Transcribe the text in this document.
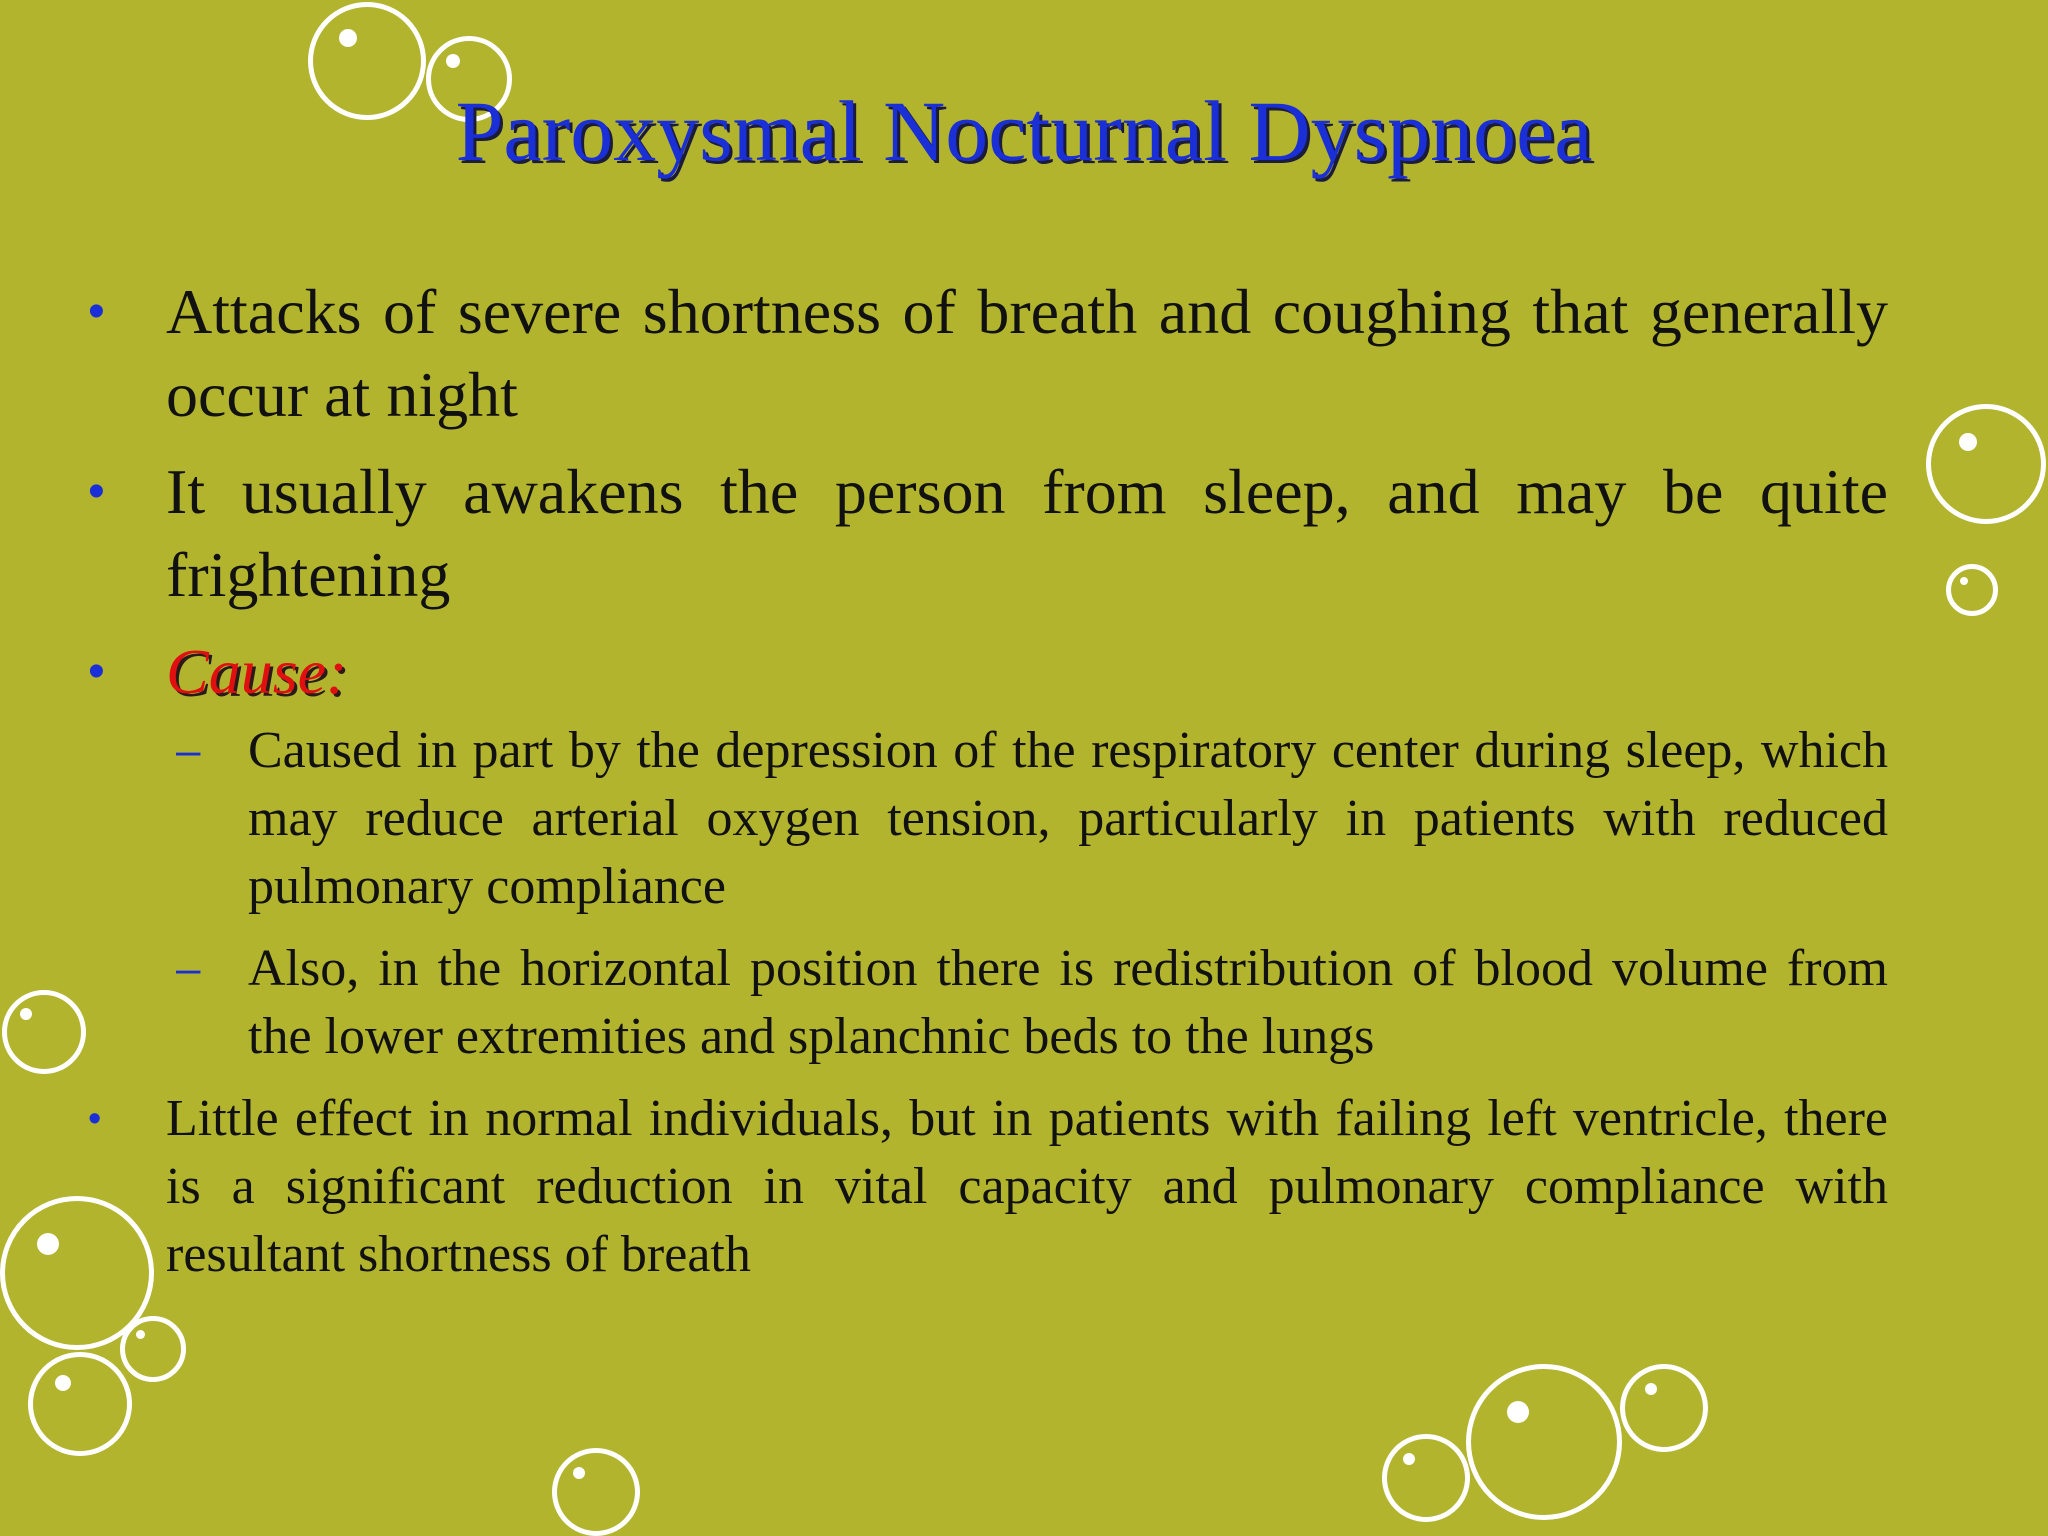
Paroxysmal Nocturnal Dyspnoea
• Attacks of severe shortness of breath and coughing that generally occur at night
• It usually awakens the person from sleep, and may be quite frightening
• Cause:
– Caused in part by the depression of the respiratory center during sleep, which may reduce arterial oxygen tension, particularly in patients with reduced pulmonary compliance
– Also, in the horizontal position there is redistribution of blood volume from the lower extremities and splanchnic beds to the lungs
• Little effect in normal individuals, but in patients with failing left ventricle, there is a significant reduction in vital capacity and pulmonary compliance with resultant shortness of breath
